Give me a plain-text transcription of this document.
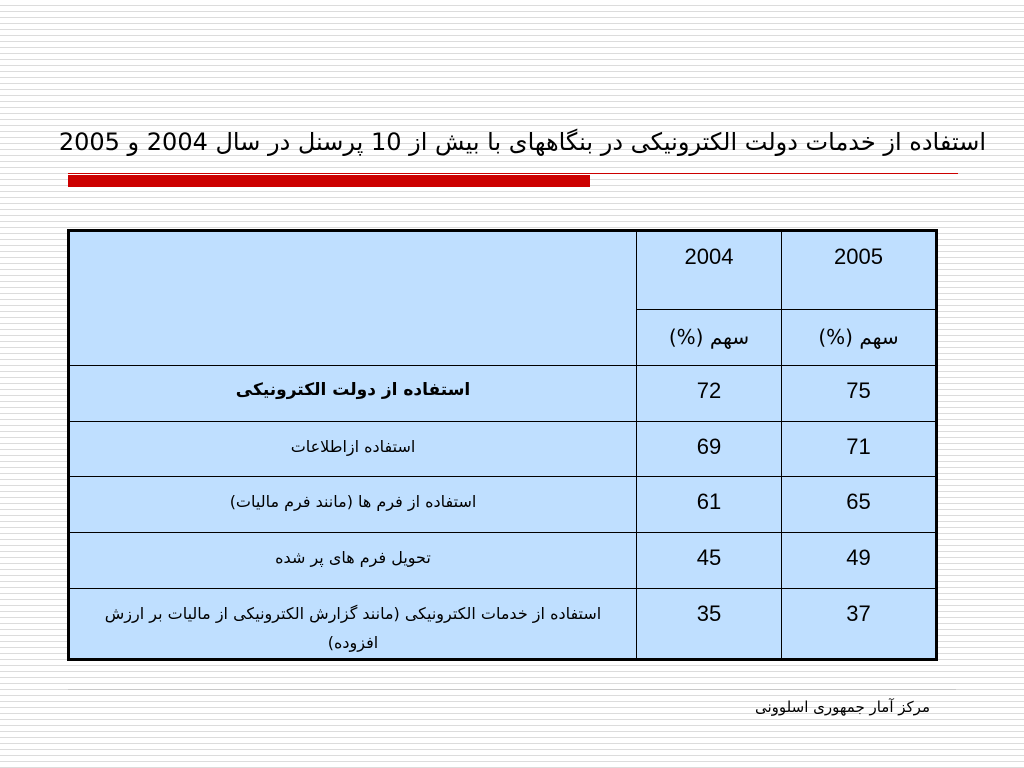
استفاده از خدمات دولت الکترونیکی در بنگاههای با بیش از 10 پرسنل در سال 2004 و 2005
2005	2004	
سهم (%)	سهم (%)	
75	72	استفاده از دولت الکترونیکی
71	69	استفاده ازاطلاعات
65	61	استفاده از فرم ها (مانند فرم مالیات)
49	45	تحویل فرم های پر شده
37	35	استفاده از خدمات الکترونیکی (مانند گزارش الکترونیکی از مالیات بر ارزش افزوده)
مرکز آمار جمهوری اسلوونی
